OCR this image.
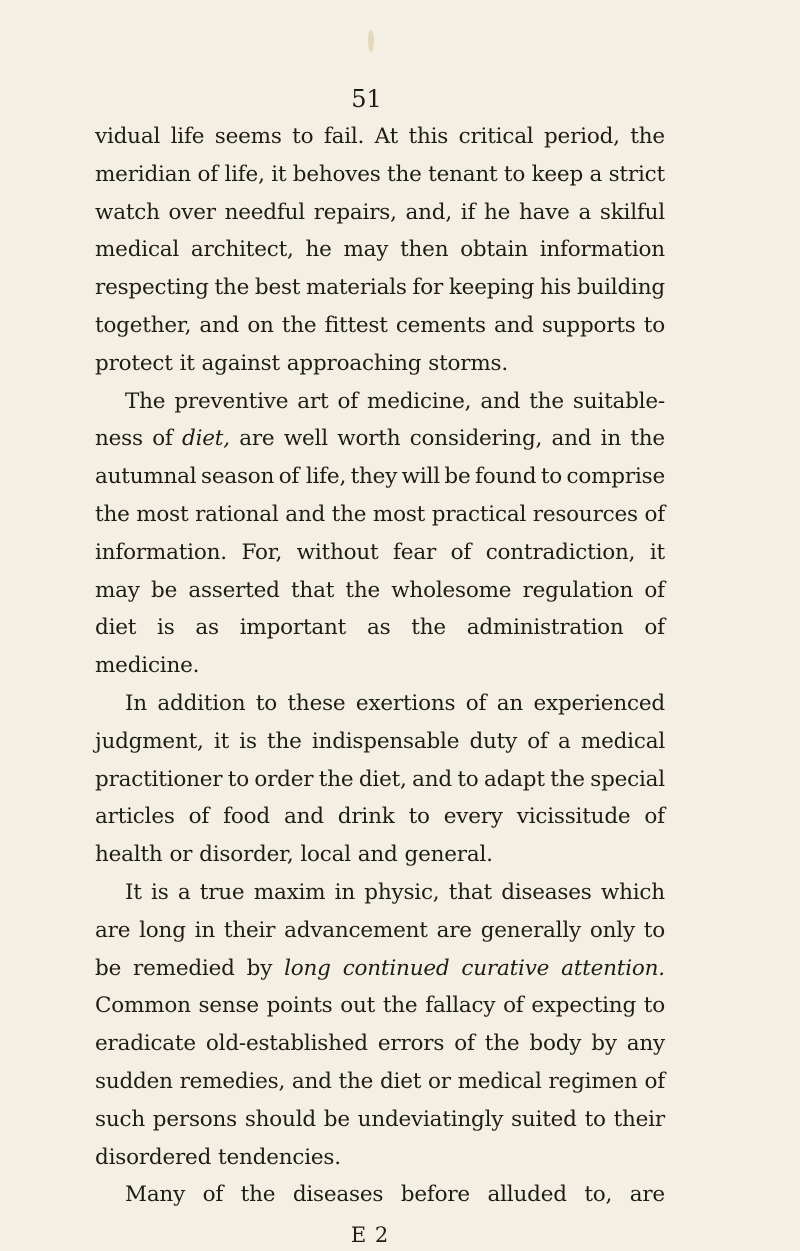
51
vidual life seems to fail. At this critical period, the
meridian of life, it behoves the tenant to keep a strict
watch over needful repairs, and, if he have a skilful
medical architect, he may then obtain information
respecting the best materials for keeping his building
together, and on the fittest cements and supports to
protect it against approaching storms.
The preventive art of medicine, and the suitable-
ness of diet, are well worth considering, and in the
autumnal season of life, they will be found to comprise
the most rational and the most practical resources of
information. For, without fear of contradiction, it
may be asserted that the wholesome regulation of
diet is as important as the administration of
medicine.
In addition to these exertions of an experienced
judgment, it is the indispensable duty of a medical
practitioner to order the diet, and to adapt the special
articles of food and drink to every vicissitude of
health or disorder, local and general.
It is a true maxim in physic, that diseases which
are long in their advancement are generally only to
be remedied by long continued curative attention.
Common sense points out the fallacy of expecting to
eradicate old-established errors of the body by any
sudden remedies, and the diet or medical regimen of
such persons should be undeviatingly suited to their
disordered tendencies.
Many of the diseases before alluded to, are
E 2
